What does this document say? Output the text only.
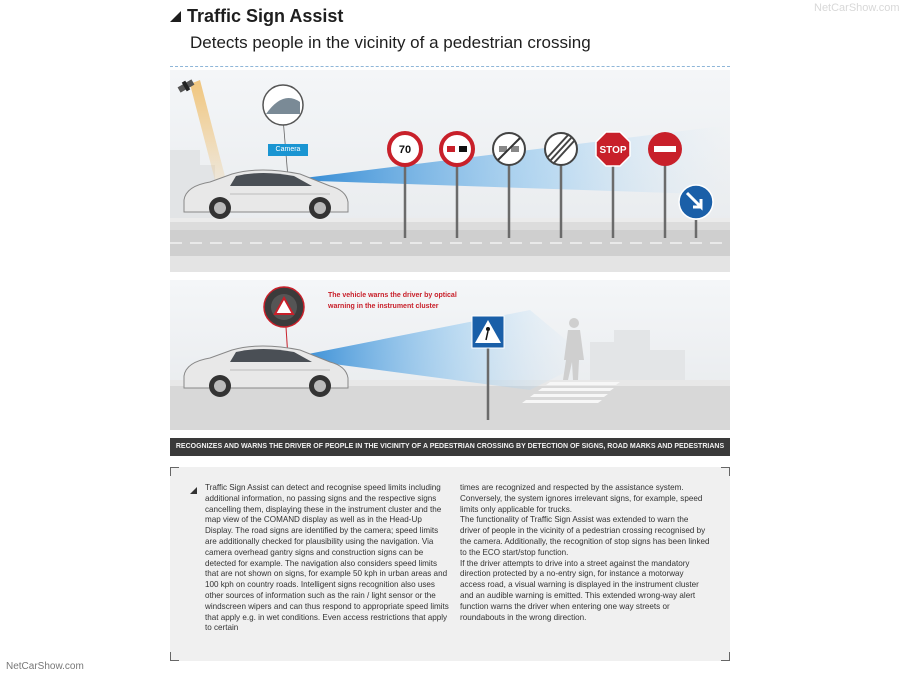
Traffic Sign Assist
Detects people in the vicinity of a pedestrian crossing
NetCarShow.com
70	STOP
Camera
The vehicle warns the driver by optical warning in the instrument cluster
RECOGNIZES AND WARNS THE DRIVER OF PEOPLE IN THE VICINITY OF A PEDESTRIAN CROSSING BY DETECTION OF SIGNS, ROAD MARKS AND PEDESTRIANS

Traffic Sign Assist can detect and recognise speed limits including additional information, no passing signs and the respective signs cancelling them, displaying these in the instrument cluster and the map view of the COMAND display as well as in the Head-Up Display. The road signs are identified by the camera; speed limits are additionally checked for plausibility using the navigation. Via camera overhead gantry signs and construction signs can be detected for example. The navigation also considers speed limits that are not shown on signs, for example 50 kph in urban areas and 100 kph on country roads. Intelligent signs recognition also uses other sources of information such as the rain / light sensor or the windscreen wipers and can thus respond to appropriate speed limits that apply e.g. in wet conditions. Even access restrictions that apply to certain

times are recognized and respected by the assistance system. Conversely, the system ignores irrelevant signs, for example, speed limits only applicable for trucks.

The functionality of Traffic Sign Assist was extended to warn the driver of people in the vicinity of a pedestrian crossing recognised by the camera. Additionally, the recognition of stop signs has been linked to the ECO start/stop function.

If the driver attempts to drive into a street against the mandatory direction protected by a no-entry sign, for instance a motorway access road, a visual warning is displayed in the instrument cluster and an audible warning is emitted. This extended wrong-way alert function warns the driver when entering one way streets or roundabouts in the wrong direction.

NetCarShow.com
